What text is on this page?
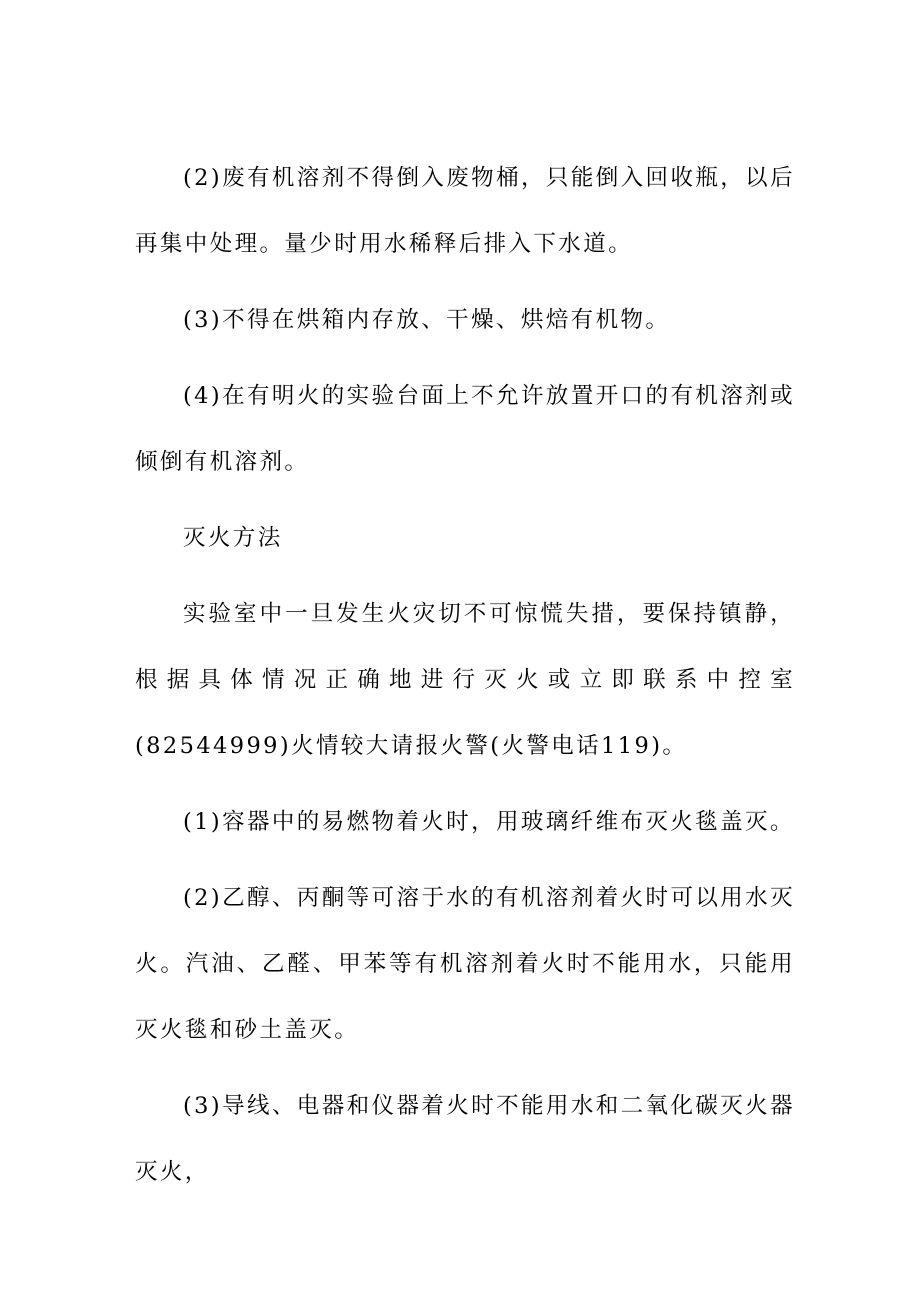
(2)废有机溶剂不得倒入废物桶，只能倒入回收瓶，以后再集中处理。量少时用水稀释后排入下水道。

(3)不得在烘箱内存放、干燥、烘焙有机物。

(4)在有明火的实验台面上不允许放置开口的有机溶剂或倾倒有机溶剂。

灭火方法

实验室中一旦发生火灾切不可惊慌失措，要保持镇静，根据具体情况正确地进行灭火或立即联系中控室(82544999)火情较大请报火警(火警电话119)。

(1)容器中的易燃物着火时，用玻璃纤维布灭火毯盖灭。

(2)乙醇、丙酮等可溶于水的有机溶剂着火时可以用水灭火。汽油、乙醛、甲苯等有机溶剂着火时不能用水，只能用灭火毯和砂土盖灭。

(3)导线、电器和仪器着火时不能用水和二氧化碳灭火器灭火，
